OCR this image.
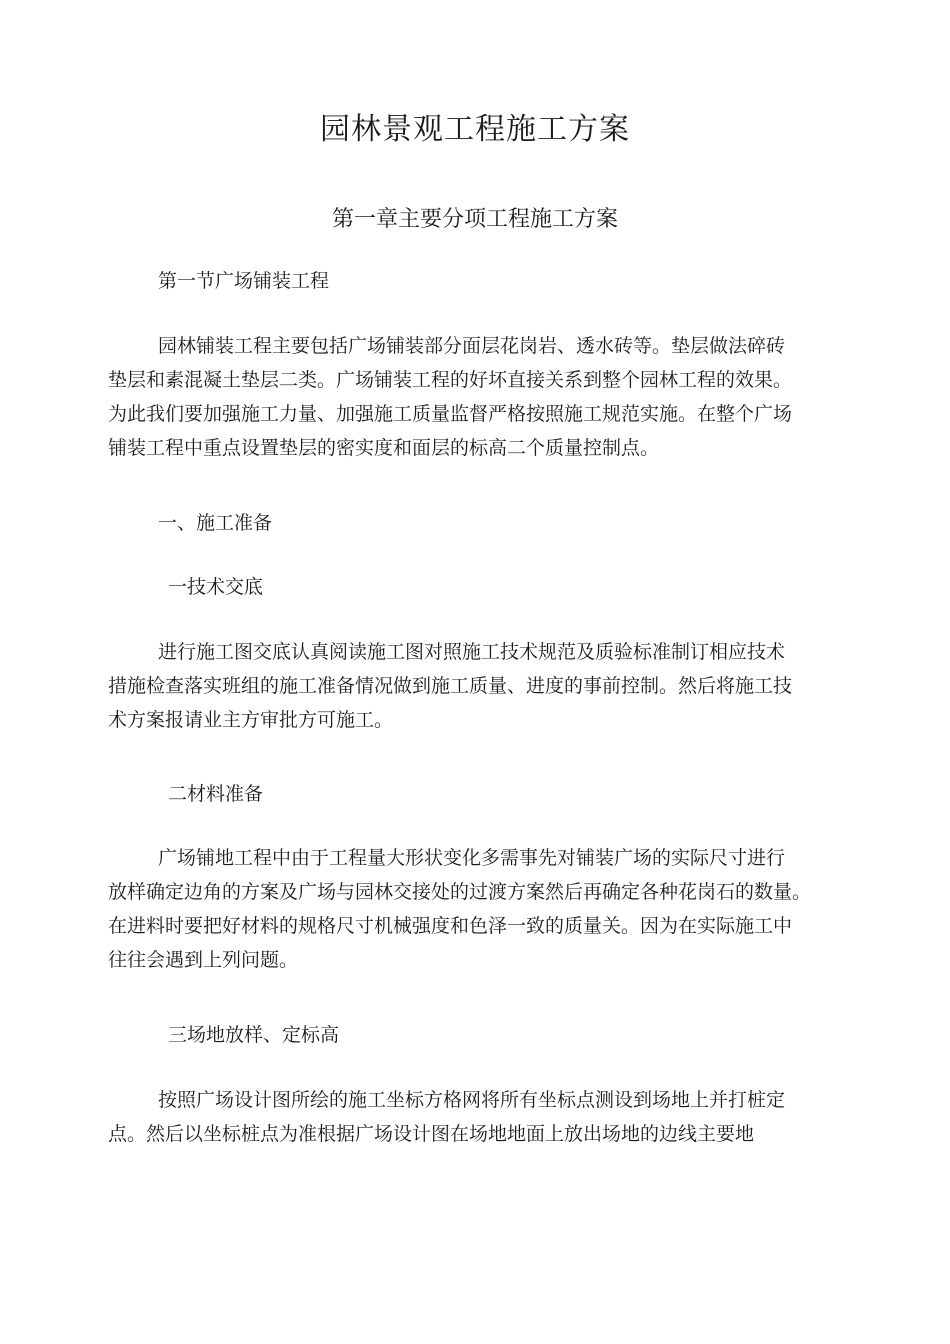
园林景观工程施工方案
第一章主要分项工程施工方案
第一节广场铺装工程
园林铺装工程主要包括广场铺装部分面层花岗岩、透水砖等。垫层做法碎砖
垫层和素混凝土垫层二类。广场铺装工程的好坏直接关系到整个园林工程的效果。
为此我们要加强施工力量、加强施工质量监督严格按照施工规范实施。在整个广场
铺装工程中重点设置垫层的密实度和面层的标高二个质量控制点。
一、施工准备
一技术交底
进行施工图交底认真阅读施工图对照施工技术规范及质验标准制订相应技术
措施检查落实班组的施工准备情况做到施工质量、进度的事前控制。然后将施工技
术方案报请业主方审批方可施工。
二材料准备
广场铺地工程中由于工程量大形状变化多需事先对铺装广场的实际尺寸进行
放样确定边角的方案及广场与园林交接处的过渡方案然后再确定各种花岗石的数量。
在进料时要把好材料的规格尺寸机械强度和色泽一致的质量关。因为在实际施工中
往往会遇到上列问题。
三场地放样、定标高
按照广场设计图所绘的施工坐标方格网将所有坐标点测设到场地上并打桩定
点。然后以坐标桩点为准根据广场设计图在场地地面上放出场地的边线主要地
